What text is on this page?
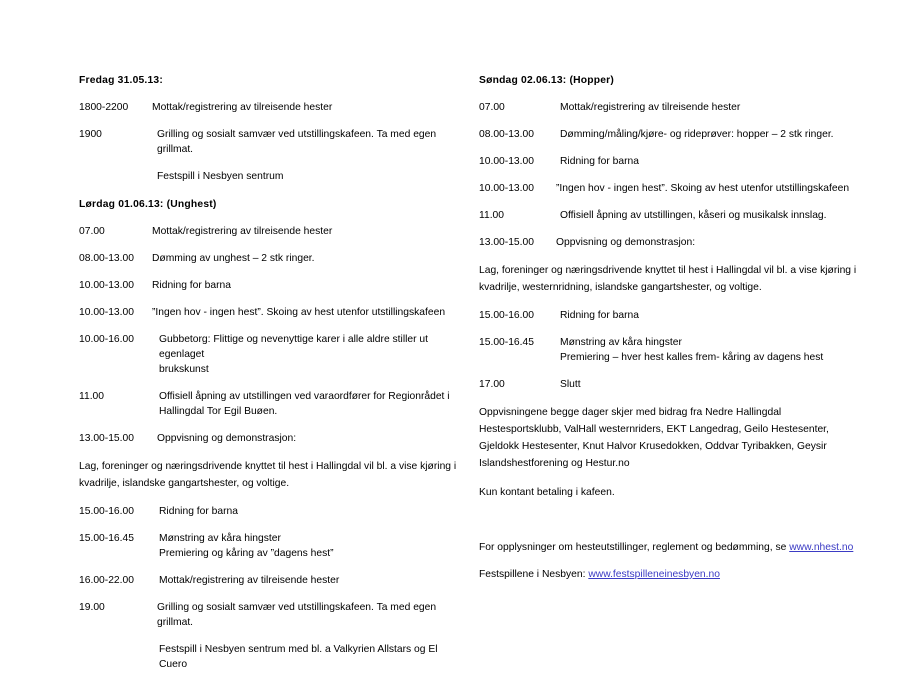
Fredag 31.05.13:
1800-2200	Mottak/registrering av tilreisende hester
1900	Grilling og sosialt samvær ved utstillingskafeen. Ta med egen grillmat.
Festspill i Nesbyen sentrum
Lørdag 01.06.13: (Unghest)
07.00	Mottak/registrering av tilreisende hester
08.00-13.00	Dømming av unghest – 2 stk ringer.
10.00-13.00	Ridning for barna
10.00-13.00	”Ingen hov - ingen hest”. Skoing av hest utenfor utstillingskafeen
10.00-16.00	Gubbetorg: Flittige og nevenyttige karer i alle aldre stiller ut egenlaget
brukskunst
11.00	Offisiell åpning av utstillingen ved varaordfører for Regionrådet i
Hallingdal Tor Egil Buøen.
13.00-15.00	Oppvisning og demonstrasjon:

Lag, foreninger og næringsdrivende knyttet til hest i Hallingdal vil bl. a vise kjøring i kvadrilje, islandske gangartshester, og voltige.

15.00-16.00	Ridning for barna
15.00-16.45	Mønstring av kåra hingster
Premiering og kåring av ”dagens hest”
16.00-22.00	Mottak/registrering av tilreisende hester
19.00	Grilling og sosialt samvær ved utstillingskafeen. Ta med egen grillmat.
Festspill i Nesbyen sentrum med bl. a Valkyrien Allstars og El Cuero
Søndag 02.06.13: (Hopper)
07.00	Mottak/registrering av tilreisende hester
08.00-13.00	Dømming/måling/kjøre- og rideprøver: hopper – 2 stk ringer.
10.00-13.00	Ridning for barna
10.00-13.00	”Ingen hov - ingen hest”. Skoing av hest utenfor utstillingskafeen
11.00	Offisiell åpning av utstillingen, kåseri og musikalsk innslag.
13.00-15.00	Oppvisning og demonstrasjon:

Lag, foreninger og næringsdrivende knyttet til hest i Hallingdal vil bl. a vise kjøring i kvadrilje, westernridning, islandske gangartshester, og voltige.

15.00-16.00	Ridning for barna
15.00-16.45	Mønstring av kåra hingster
Premiering – hver hest kalles frem- kåring av dagens hest
17.00	Slutt

Oppvisningene begge dager skjer med bidrag fra Nedre Hallingdal Hestesportsklubb, ValHall westernriders, EKT Langedrag, Geilo Hestesenter, Gjeldokk Hestesenter, Knut Halvor Krusedokken, Oddvar Tyribakken, Geysir Islandshestforening og Hestur.no

Kun kontant betaling i kafeen.

For opplysninger om hesteutstillinger, reglement og bedømming, se www.nhest.no

Festspillene i Nesbyen: www.festspilleneinesbyen.no
